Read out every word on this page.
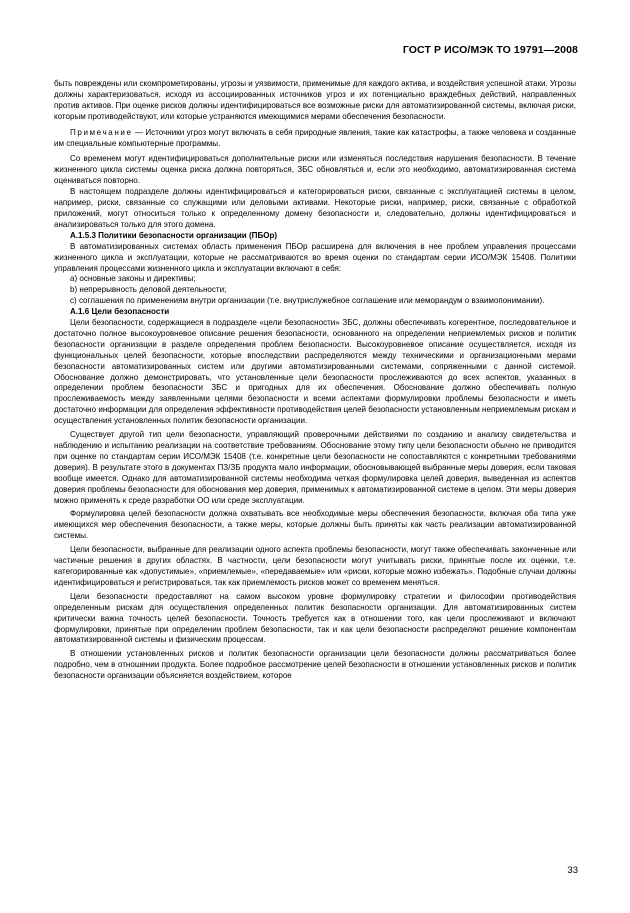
ГОСТ Р ИСО/МЭК ТО 19791—2008

быть повреждены или скомпрометированы, угрозы и уязвимости, применимые для каждого актива, и воздействия успешной атаки. Угрозы должны характеризоваться, исходя из ассоциированных источников угроз и их потенциально враждебных действий, направленных против активов. При оценке рисков должны идентифицироваться все возможные риски для автоматизированной системы, включая риски, которым противодействуют, или которые устраняются имеющимися мерами обеспечения безопасности.

Примечание — Источники угроз могут включать в себя природные явления, такие как катастрофы, а также человека и созданные им специальные компьютерные программы.

Со временем могут идентифицироваться дополнительные риски или изменяться последствия нарушения безопасности. В течение жизненного цикла системы оценка риска должна повторяться, ЗБС обновляться и, если это необходимо, автоматизированная система оцениваться повторно.

В настоящем подразделе должны идентифицироваться и категорироваться риски, связанные с эксплуатацией системы в целом, например, риски, связанные со служащими или деловыми активами. Некоторые риски, например, риски, связанные с обработкой приложений, могут относиться только к определенному домену безопасности и, следовательно, должны идентифицироваться и анализироваться только для этого домена.

А.1.5.3 Политики безопасности организации (ПБОр)

В автоматизированных системах область применения ПБОр расширена для включения в нее проблем управления процессами жизненного цикла и эксплуатации, которые не рассматриваются во время оценки по стандартам серии ИСО/МЭК 15408. Политики управления процессами жизненного цикла и эксплуатации включают в себя:

а) основные законы и директивы;

b) непрерывность деловой деятельности;

с) соглашения по применениям внутри организации (т.е. внутрислужебное соглашение или меморандум о взаимопонимании).

А.1.6 Цели безопасности

Цели безопасности, содержащиеся в подразделе «цели безопасности» ЗБС, должны обеспечивать когерентное, последовательное и достаточно полное высокоуровневое описание решения безопасности, основанного на определении неприемлемых рисков и политик безопасности организации в разделе определения проблем безопасности. Высокоуровневое описание осуществляется, исходя из функциональных целей безопасности, которые впоследствии распределяются между техническими и организационными мерами безопасности автоматизированных систем или другими автоматизированными системами, сопряженными с данной системой. Обоснование должно демонстрировать, что установленные цели безопасности прослеживаются до всех аспектов, указанных в определении проблем безопасности ЗБС и пригодных для их обеспечения. Обоснование должно обеспечивать полную прослеживаемость между заявленными целями безопасности и всеми аспектами формулировки проблемы безопасности и иметь достаточно информации для определения эффективности противодействия целей безопасности установленным неприемлемым рискам и осуществления установленных политик безопасности организации.

Существует другой тип цели безопасности, управляющий проверочными действиями по созданию и анализу свидетельства и наблюдению и испытанию реализации на соответствие требованиям. Обоснование этому типу цели безопасности обычно не приводится при оценке по стандартам серии ИСО/МЭК 15408 (т.е. конкретные цели безопасности не сопоставляются с конкретными требованиями доверия). В результате этого в документах ПЗ/ЗБ продукта мало информации, обосновывающей выбранные меры доверия, если таковая вообще имеется. Однако для автоматизированной системы необходима четкая формулировка целей доверия, выведенная из аспектов доверия проблемы безопасности для обоснования мер доверия, применимых к автоматизированной системе в целом. Эти меры доверия можно применять к среде разработки ОО или среде эксплуатации.

Формулировка целей безопасности должна охватывать все необходимые меры обеспечения безопасности, включая оба типа уже имеющихся мер обеспечения безопасности, а также меры, которые должны быть приняты как часть реализации автоматизированной системы.

Цели безопасности, выбранные для реализации одного аспекта проблемы безопасности, могут также обеспечивать законченные или частичные решения в других областях. В частности, цели безопасности могут учитывать риски, принятые после их оценки, т.е. категорированные как «допустимые», «приемлемые», «передаваемые» или «риски, которые можно избежать». Подобные случаи должны идентифицироваться и регистрироваться, так как приемлемость рисков может со временем меняться.

Цели безопасности предоставляют на самом высоком уровне формулировку стратегии и философии противодействия определенным рискам для осуществления определенных политик безопасности организации. Для автоматизированных систем критически важна точность целей безопасности. Точность требуется как в отношении того, как цели прослеживают и включают формулировки, принятые при определении проблем безопасности, так и как цели безопасности распределяют решение компонентам автоматизированной системы и физическим процессам.

В отношении установленных рисков и политик безопасности организации цели безопасности должны рассматриваться более подробно, чем в отношении продукта. Более подробное рассмотрение целей безопасности в отношении установленных рисков и политик безопасности организации объясняется воздействием, которое

33
